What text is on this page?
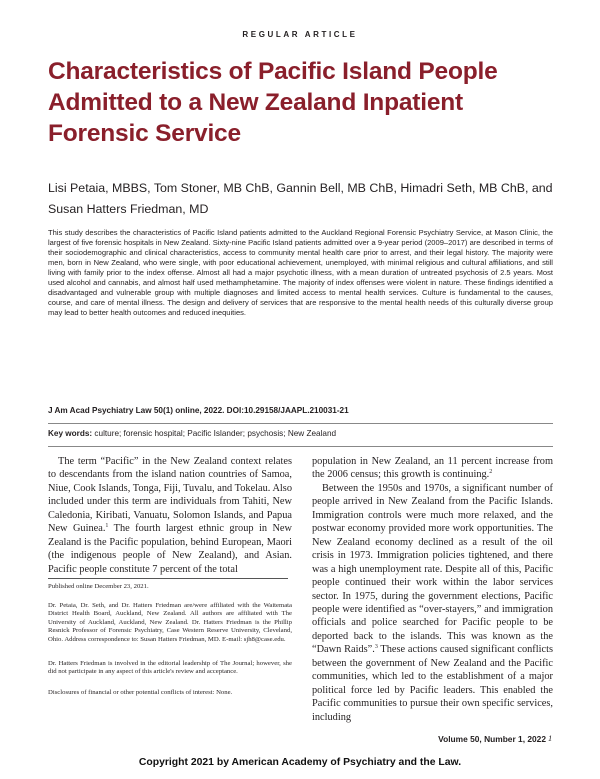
REGULAR ARTICLE
Characteristics of Pacific Island People Admitted to a New Zealand Inpatient Forensic Service

Lisi Petaia, MBBS, Tom Stoner, MB ChB, Gannin Bell, MB ChB, Himadri Seth, MB ChB, and Susan Hatters Friedman, MD

This study describes the characteristics of Pacific Island patients admitted to the Auckland Regional Forensic Psychiatry Service, at Mason Clinic, the largest of five forensic hospitals in New Zealand. Sixty-nine Pacific Island patients admitted over a 9-year period (2009–2017) are described in terms of their sociodemographic and clinical characteristics, access to community mental health care prior to arrest, and their legal history. The majority were men, born in New Zealand, who were single, with poor educational achievement, unemployed, with minimal religious and cultural affiliations, and still living with family prior to the index offense. Almost all had a major psychotic illness, with a mean duration of untreated psychosis of 2.5 years. Most used alcohol and cannabis, and almost half used methamphetamine. The majority of index offenses were violent in nature. These findings identified a disadvantaged and vulnerable group with multiple diagnoses and limited access to mental health services. Culture is fundamental to the causes, course, and care of mental illness. The design and delivery of services that are responsive to the mental health needs of this culturally diverse group may lead to better health outcomes and reduced inequities.

J Am Acad Psychiatry Law 50(1) online, 2022. DOI:10.29158/JAAPL.210031-21

Key words: culture; forensic hospital; Pacific Islander; psychosis; New Zealand

The term “Pacific” in the New Zealand context relates to descendants from the island nation countries of Samoa, Niue, Cook Islands, Tonga, Fiji, Tuvalu, and Tokelau. Also included under this term are individuals from Tahiti, New Caledonia, Kiribati, Vanuatu, Solomon Islands, and Papua New Guinea.$^1$ The fourth largest ethnic group in New Zealand is the Pacific population, behind European, Maori (the indigenous people of New Zealand), and Asian. Pacific people constitute 7 percent of the total

population in New Zealand, an 11 percent increase from the 2006 census; this growth is continuing.$^2$

Between the 1950s and 1970s, a significant number of people arrived in New Zealand from the Pacific Islands. Immigration controls were much more relaxed, and the postwar economy provided more work opportunities. The New Zealand economy declined as a result of the oil crisis in 1973. Immigration policies tightened, and there was a high unemployment rate. Despite all of this, Pacific people continued their work within the labor services sector. In 1975, during the government elections, Pacific people were identified as “over-stayers,” and immigration officials and police searched for Pacific people to be deported back to the islands. This was known as the “Dawn Raids”.$^3$ These actions caused significant conflicts between the government of New Zealand and the Pacific communities, which led to the establishment of a major political force led by Pacific leaders. This enabled the Pacific communities to pursue their own specific services, including

Published online December 23, 2021.

Dr. Petaia, Dr. Seth, and Dr. Hatters Friedman are/were affiliated with the Waitemata District Health Board, Auckland, New Zealand. All authors are affiliated with The University of Auckland, Auckland, New Zealand. Dr. Hatters Friedman is the Phillip Resnick Professor of Forensic Psychiatry, Case Western Reserve University, Cleveland, Ohio. Address correspondence to: Susan Hatters Friedman, MD. E-mail: sjh8@case.edu.

Dr. Hatters Friedman is involved in the editorial leadership of The Journal; however, she did not participate in any aspect of this article's review and acceptance.

Disclosures of financial or other potential conflicts of interest: None.

Volume 50, Number 1, 2022 1
Copyright 2021 by American Academy of Psychiatry and the Law.
